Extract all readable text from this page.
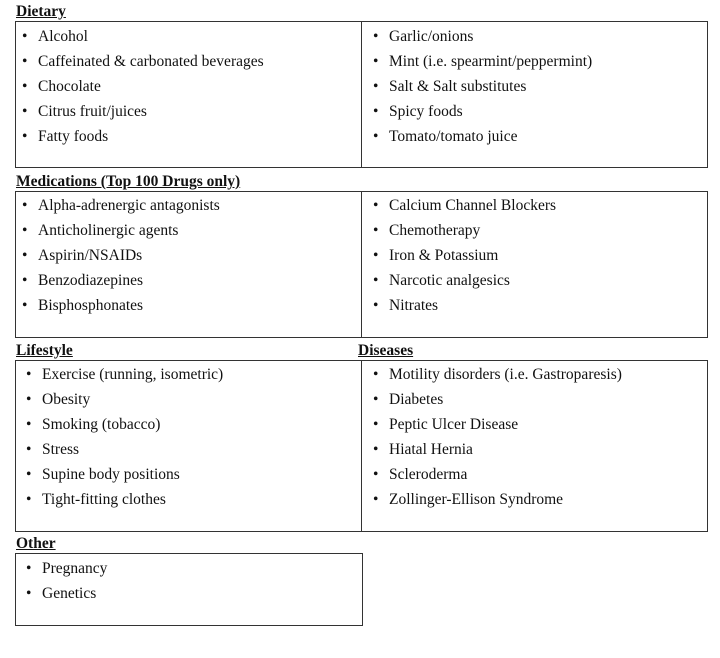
Dietary
• Alcohol
• Caffeinated & carbonated beverages
• Chocolate
• Citrus fruit/juices
• Fatty foods
• Garlic/onions
• Mint (i.e. spearmint/peppermint)
• Salt & Salt substitutes
• Spicy foods
• Tomato/tomato juice
Medications (Top 100 Drugs only)
• Alpha-adrenergic antagonists
• Anticholinergic agents
• Aspirin/NSAIDs
• Benzodiazepines
• Bisphosphonates
• Calcium Channel Blockers
• Chemotherapy
• Iron & Potassium
• Narcotic analgesics
• Nitrates
Lifestyle	Diseases
• Exercise (running, isometric)
• Obesity
• Smoking (tobacco)
• Stress
• Supine body positions
• Tight-fitting clothes
• Motility disorders (i.e. Gastroparesis)
• Diabetes
• Peptic Ulcer Disease
• Hiatal Hernia
• Scleroderma
• Zollinger-Ellison Syndrome
Other
• Pregnancy
• Genetics
